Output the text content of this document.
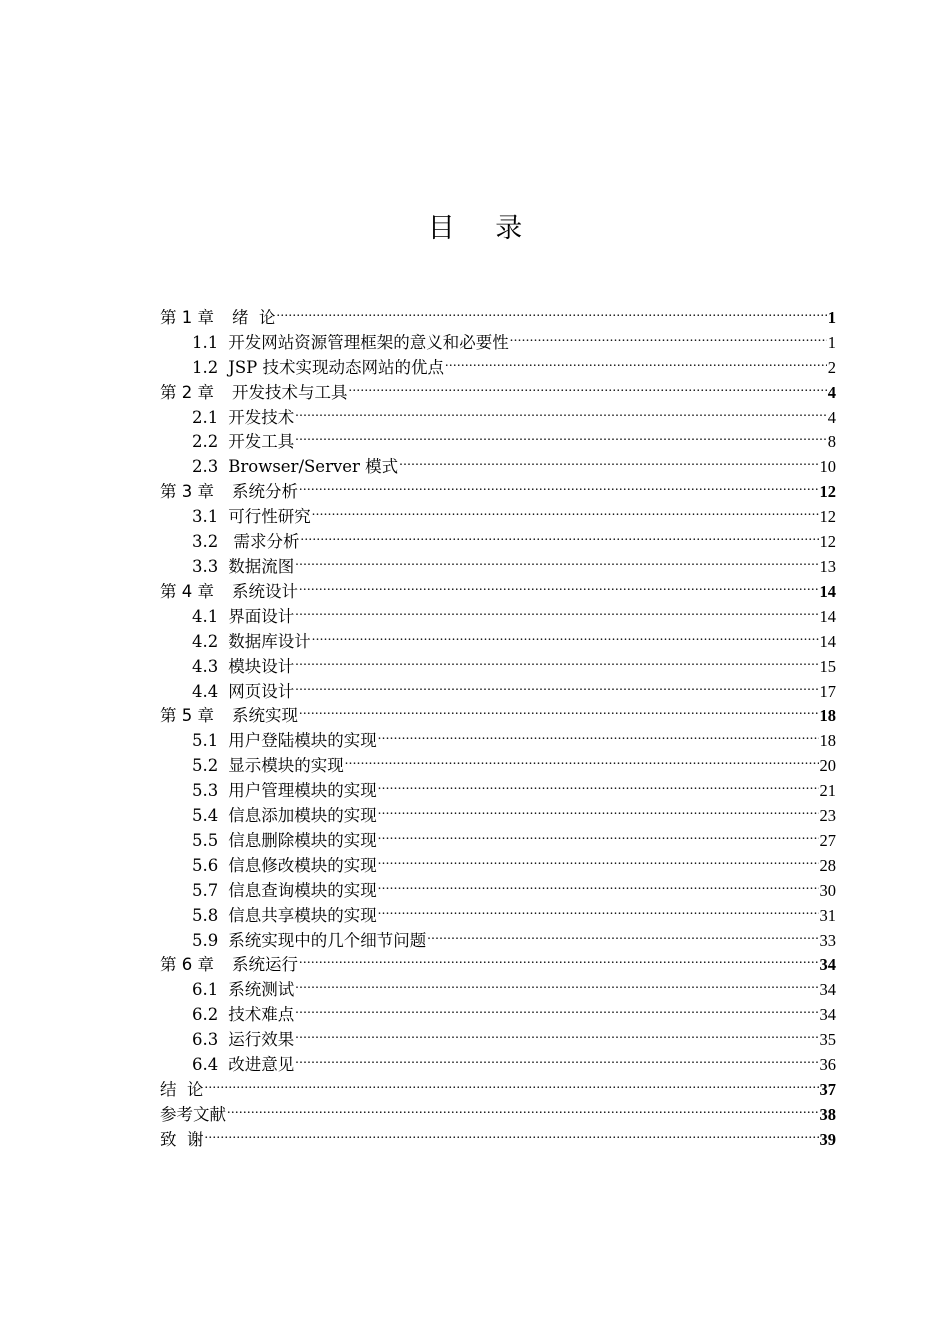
目 录
第 1 章 绪  论 .....	1
1.1 开发网站资源管理框架的意义和必要性 .....	1
1.2 JSP 技术实现动态网站的优点 .....	2
第 2 章 开发技术与工具 .....	4
2.1 开发技术 .....	4
2.2 开发工具 .....	8
2.3 Browser/Server 模式 .....	10
第 3 章 系统分析 .....	12
3.1 可行性研究 .....	12
3.2 需求分析 .....	12
3.3 数据流图 .....	13
第 4 章 系统设计 .....	14
4.1 界面设计 .....	14
4.2 数据库设计 .....	14
4.3 模块设计 .....	15
4.4 网页设计 .....	17
第 5 章 系统实现 .....	18
5.1 用户登陆模块的实现 .....	18
5.2 显示模块的实现 .....	20
5.3 用户管理模块的实现 .....	21
5.4 信息添加模块的实现 .....	23
5.5 信息删除模块的实现 .....	27
5.6 信息修改模块的实现 .....	28
5.7 信息查询模块的实现 .....	30
5.8 信息共享模块的实现 .....	31
5.9 系统实现中的几个细节问题 .....	33
第 6 章 系统运行 .....	34
6.1 系统测试 .....	34
6.2 技术难点 .....	34
6.3 运行效果 .....	35
6.4 改进意见 .....	36
结  论 .....	37
参考文献 .....	38
致  谢 .....	39
